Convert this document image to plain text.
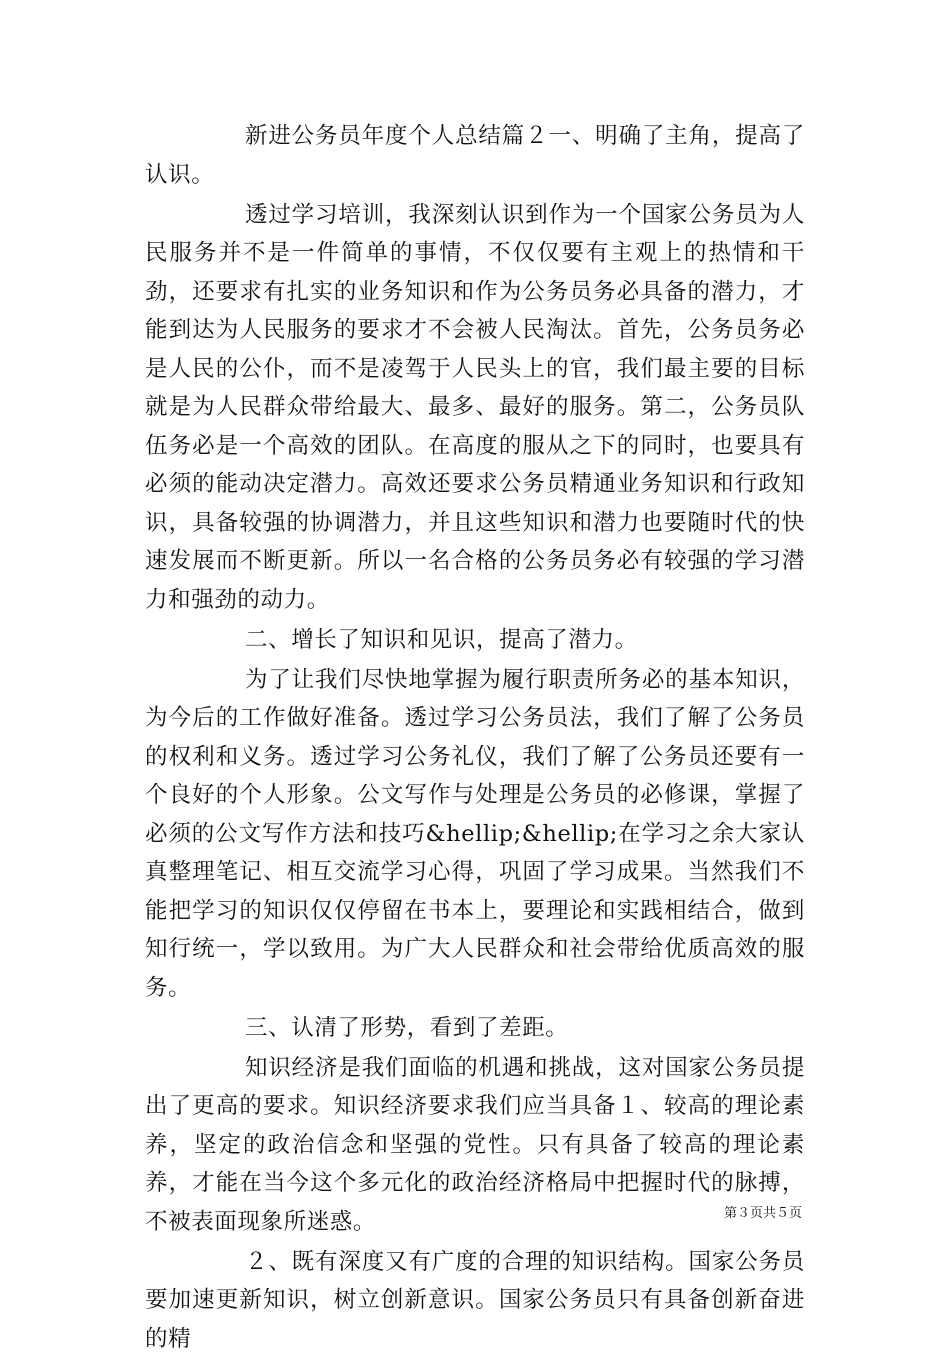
新进公务员年度个人总结篇２一、明确了主角，提高了认识。

透过学习培训，我深刻认识到作为一个国家公务员为人民服务并不是一件简单的事情，不仅仅要有主观上的热情和干劲，还要求有扎实的业务知识和作为公务员务必具备的潜力，才能到达为人民服务的要求才不会被人民淘汰。首先，公务员务必是人民的公仆，而不是凌驾于人民头上的官，我们最主要的目标就是为人民群众带给最大、最多、最好的服务。第二，公务员队伍务必是一个高效的团队。在高度的服从之下的同时，也要具有必须的能动决定潜力。高效还要求公务员精通业务知识和行政知识，具备较强的协调潜力，并且这些知识和潜力也要随时代的快速发展而不断更新。所以一名合格的公务员务必有较强的学习潜力和强劲的动力。

二、增长了知识和见识，提高了潜力。

为了让我们尽快地掌握为履行职责所务必的基本知识，为今后的工作做好准备。透过学习公务员法，我们了解了公务员的权利和义务。透过学习公务礼仪，我们了解了公务员还要有一个良好的个人形象。公文写作与处理是公务员的必修课，掌握了必须的公文写作方法和技巧&hellip;&hellip;在学习之余大家认真整理笔记、相互交流学习心得，巩固了学习成果。当然我们不能把学习的知识仅仅停留在书本上，要理论和实践相结合，做到知行统一，学以致用。为广大人民群众和社会带给优质高效的服务。

三、认清了形势，看到了差距。

知识经济是我们面临的机遇和挑战，这对国家公务员提出了更高的要求。知识经济要求我们应当具备１、较高的理论素养，坚定的政治信念和坚强的党性。只有具备了较高的理论素养，才能在当今这个多元化的政治经济格局中把握时代的脉搏，不被表面现象所迷惑。

２、既有深度又有广度的合理的知识结构。国家公务员要加速更新知识，树立创新意识。国家公务员只有具备创新奋进的精

第３页共５页
